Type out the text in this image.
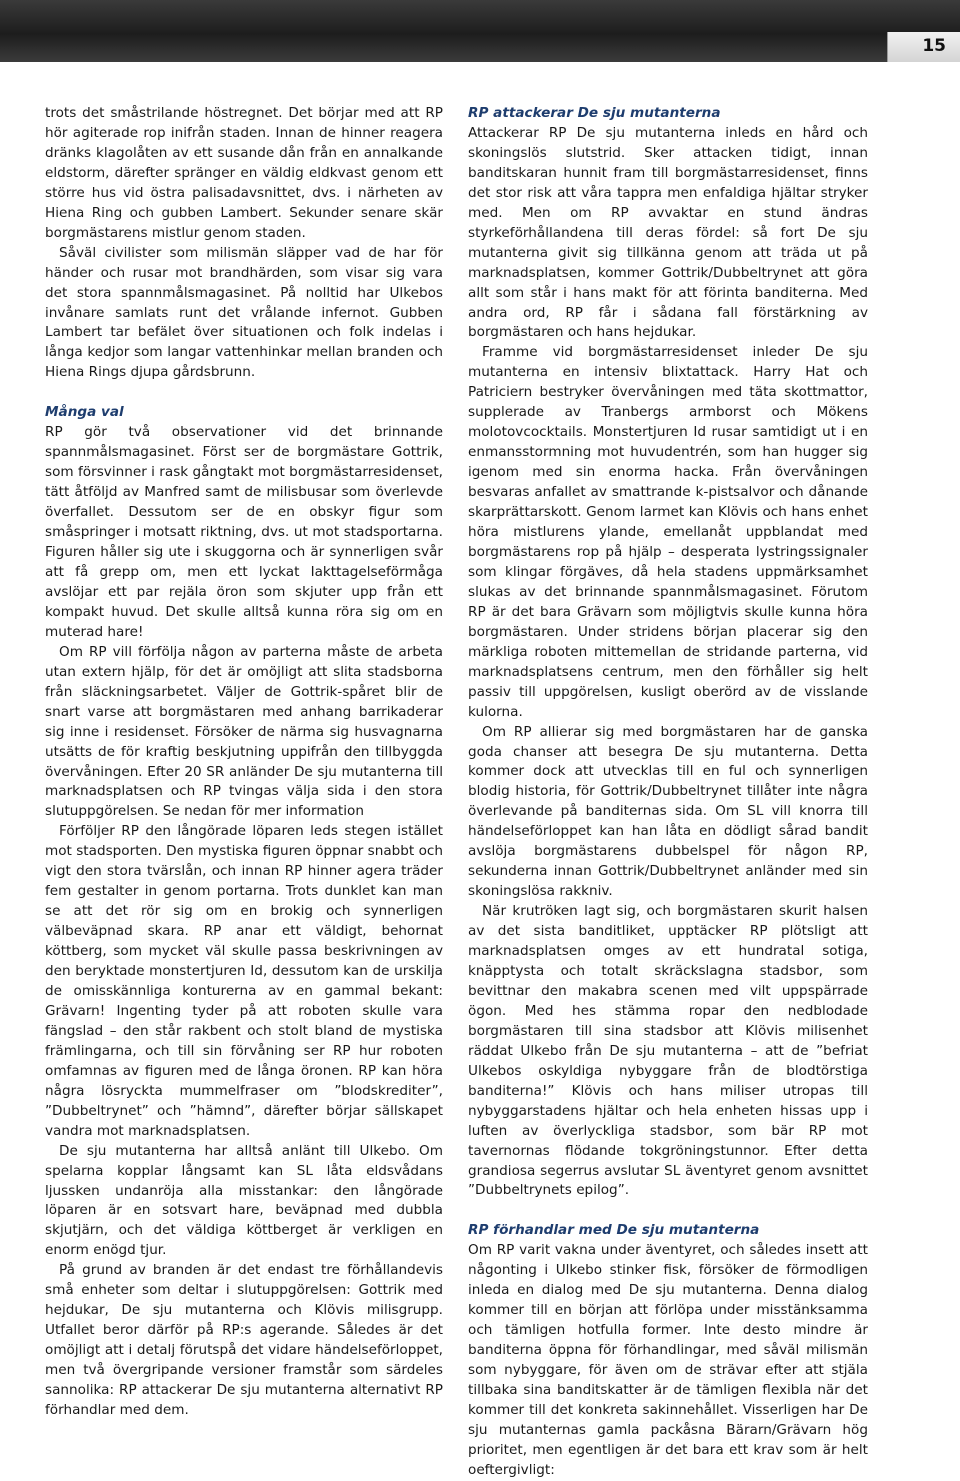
15

trots det småstrilande höstregnet. Det börjar med att RP hör agiterade rop inifrån staden. Innan de hinner reagera dränks klagolåten av ett susande dån från en annalkande eldstorm, därefter spränger en väldig eldkvast genom ett större hus vid östra palisadavsnittet, dvs. i närheten av Hiena Ring och gubben Lambert. Sekunder senare skär borgmästarens mistlur genom staden.

Såväl civilister som milismän släpper vad de har för händer och rusar mot brandhärden, som visar sig vara det stora spannmålsmagasinet. På nolltid har Ulkebos invånare samlats runt det vrålande infernot. Gubben Lambert tar befälet över situationen och folk indelas i långa kedjor som langar vattenhinkar mellan branden och Hiena Rings djupa gårdsbrunn.

Många val

RP gör två observationer vid det brinnande spannmålsmagasinet. Först ser de borgmästare Gottrik, som försvinner i rask gångtakt mot borgmästarresidenset, tätt åtföljd av Manfred samt de milisbusar som överlevde överfallet. Dessutom ser de en obskyr figur som småspringer i motsatt riktning, dvs. ut mot stadsportarna. Figuren håller sig ute i skuggorna och är synnerligen svår att få grepp om, men ett lyckat Iakttagelseförmåga avslöjar ett par rejäla öron som skjuter upp från ett kompakt huvud. Det skulle alltså kunna röra sig om en muterad hare!

Om RP vill förfölja någon av parterna måste de arbeta utan extern hjälp, för det är omöjligt att slita stadsborna från släckningsarbetet. Väljer de Gottrik-spåret blir de snart varse att borgmästaren med anhang barrikaderar sig inne i residenset. Försöker de närma sig husvagnarna utsätts de för kraftig beskjutning uppifrån den tillbyggda övervåningen. Efter 20 SR anländer De sju mutanterna till marknadsplatsen och RP tvingas välja sida i den stora slutuppgörelsen. Se nedan för mer information

Förföljer RP den långörade löparen leds stegen istället mot stadsporten. Den mystiska figuren öppnar snabbt och vigt den stora tvärslån, och innan RP hinner agera träder fem gestalter in genom portarna. Trots dunklet kan man se att det rör sig om en brokig och synnerligen välbeväpnad skara. RP anar ett väldigt, behornat köttberg, som mycket väl skulle passa beskrivningen av den beryktade monstertjuren Id, dessutom kan de urskilja de omisskännliga konturerna av en gammal bekant: Grävarn! Ingenting tyder på att roboten skulle vara fängslad – den står rakbent och stolt bland de mystiska främlingarna, och till sin förvåning ser RP hur roboten omfamnas av figuren med de långa öronen. RP kan höra några lösryckta mummelfraser om ”blodskrediter”, ”Dubbeltrynet” och ”hämnd”, därefter börjar sällskapet vandra mot marknadsplatsen.

De sju mutanterna har alltså anlänt till Ulkebo. Om spelarna kopplar långsamt kan SL låta eldsvådans ljussken undanröja alla misstankar: den långörade löparen är en sotsvart hare, beväpnad med dubbla skjutjärn, och det väldiga köttberget är verkligen en enorm enögd tjur.

På grund av branden är det endast tre förhållandevis små enheter som deltar i slutuppgörelsen: Gottrik med hejdukar, De sju mutanterna och Klövis milisgrupp. Utfallet beror därför på RP:s agerande. Således är det omöjligt att i detalj förutspå det vidare händelseförloppet, men två övergripande versioner framstår som särdeles sannolika: RP attackerar De sju mutanterna alternativt RP förhandlar med dem.

RP attackerar De sju mutanterna

Attackerar RP De sju mutanterna inleds en hård och skoningslös slutstrid. Sker attacken tidigt, innan banditskaran hunnit fram till borgmästarresidenset, finns det stor risk att våra tappra men enfaldiga hjältar stryker med. Men om RP avvaktar en stund ändras styrkeförhållandena till deras fördel: så fort De sju mutanterna givit sig tillkänna genom att träda ut på marknadsplatsen, kommer Gottrik/Dubbeltrynet att göra allt som står i hans makt för att förinta banditerna. Med andra ord, RP får i sådana fall förstärkning av borgmästaren och hans hejdukar.

Framme vid borgmästarresidenset inleder De sju mutanterna en intensiv blixtattack. Harry Hat och Patriciern bestryker övervåningen med täta skottmattor, supplerade av Tranbergs armborst och Mökens molotovcocktails. Monstertjuren Id rusar samtidigt ut i en enmansstormning mot huvudentrén, som han hugger sig igenom med sin enorma hacka. Från övervåningen besvaras anfallet av smattrande k-pistsalvor och dånande skarprättarskott. Genom larmet kan Klövis och hans enhet höra mistlurens ylande, emellanåt uppblandat med borgmästarens rop på hjälp – desperata lystringssignaler som klingar förgäves, då hela stadens uppmärksamhet slukas av det brinnande spannmålsmagasinet. Förutom RP är det bara Grävarn som möjligtvis skulle kunna höra borgmästaren. Under stridens början placerar sig den märkliga roboten mittemellan de stridande parterna, vid marknadsplatsens centrum, men den förhåller sig helt passiv till uppgörelsen, kusligt oberörd av de visslande kulorna.

Om RP allierar sig med borgmästaren har de ganska goda chanser att besegra De sju mutanterna. Detta kommer dock att utvecklas till en ful och synnerligen blodig historia, för Gottrik/Dubbeltrynet tillåter inte några överlevande på banditernas sida. Om SL vill knorra till händelseförloppet kan han låta en dödligt sårad bandit avslöja borgmästarens dubbelspel för någon RP, sekunderna innan Gottrik/Dubbeltrynet anländer med sin skoningslösa rakkniv.

När krutröken lagt sig, och borgmästaren skurit halsen av det sista banditliket, upptäcker RP plötsligt att marknadsplatsen omges av ett hundratal sotiga, knäpptysta och totalt skräckslagna stadsbor, som bevittnar den makabra scenen med vilt uppspärrade ögon. Med hes stämma ropar den nedblodade borgmästaren till sina stadsbor att Klövis milisenhet räddat Ulkebo från De sju mutanterna – att de ”befriat Ulkebos oskyldiga nybyggare från de blodtörstiga banditerna!” Klövis och hans miliser utropas till nybyggarstadens hjältar och hela enheten hissas upp i luften av överlyckliga stadsbor, som bär RP mot tavernornas flödande tokgröningstunnor. Efter detta grandiosa segerrus avslutar SL äventyret genom avsnittet ”Dubbeltrynets epilog”.

RP förhandlar med De sju mutanterna

Om RP varit vakna under äventyret, och således insett att någonting i Ulkebo stinker fisk, försöker de förmodligen inleda en dialog med De sju mutanterna. Denna dialog kommer till en början att förlöpa under misstänksamma och tämligen hotfulla former. Inte desto mindre är banditerna öppna för förhandlingar, med såväl milismän som nybyggare, för även om de strävar efter att stjäla tillbaka sina banditskatter är de tämligen flexibla när det kommer till det konkreta sakinnehållet. Visserligen har De sju mutanternas gamla packåsna Bärarn/Grävarn hög prioritet, men egentligen är det bara ett krav som är helt oeftergivligt:
